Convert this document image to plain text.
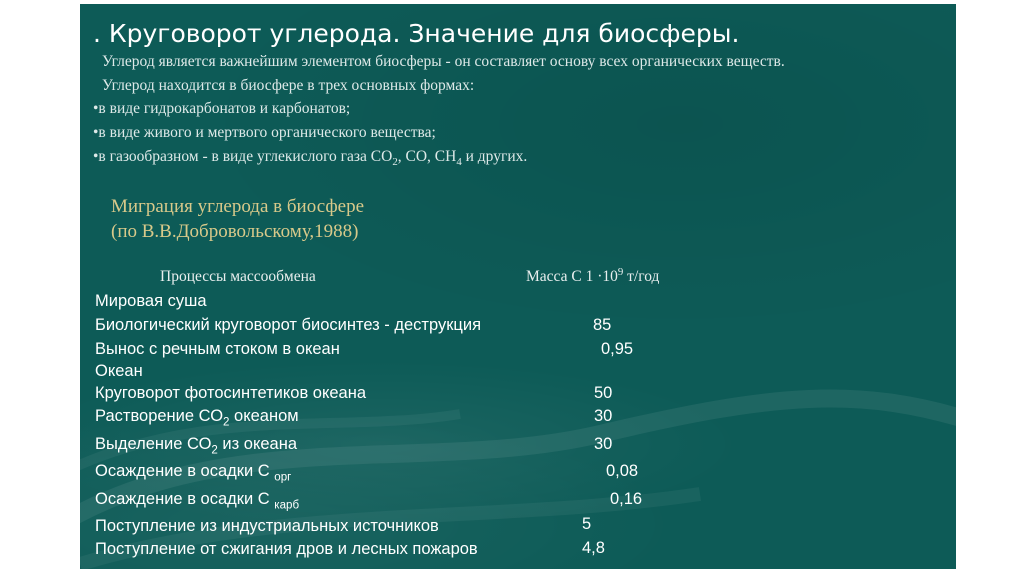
. Круговорот углерода. Значение для биосферы.
Углерод является важнейшим элементом биосферы - он составляет основу всех органических веществ.
Углерод находится в биосфере в трех основных формах:
•в виде гидрокарбонатов и карбонатов;
•в виде живого и мертвого органического вещества;
•в газообразном - в виде углекислого газа $СО_2$, СО, $СН_4$ и других.
Миграция углерода в биосфере
(по В.В.Добровольскому,1988)
Процессы массообмена	Масса С $1 \cdot 10^9$ т/год
Мировая суша
Биологический круговорот биосинтез - деструкция	85
Вынос с речным стоком в океан	0,95
Океан
Круговорот фотосинтетиков океана	50
Растворение $СО_2$ океаном	30
Выделение $СО_2$ из океана	30
Осаждение в осадки С $_{орг}$	0,08
Осаждение в осадки С $_{карб}$	0,16
Поступление из индустриальных источников	5
Поступление от сжигания дров и лесных пожаров	4,8
